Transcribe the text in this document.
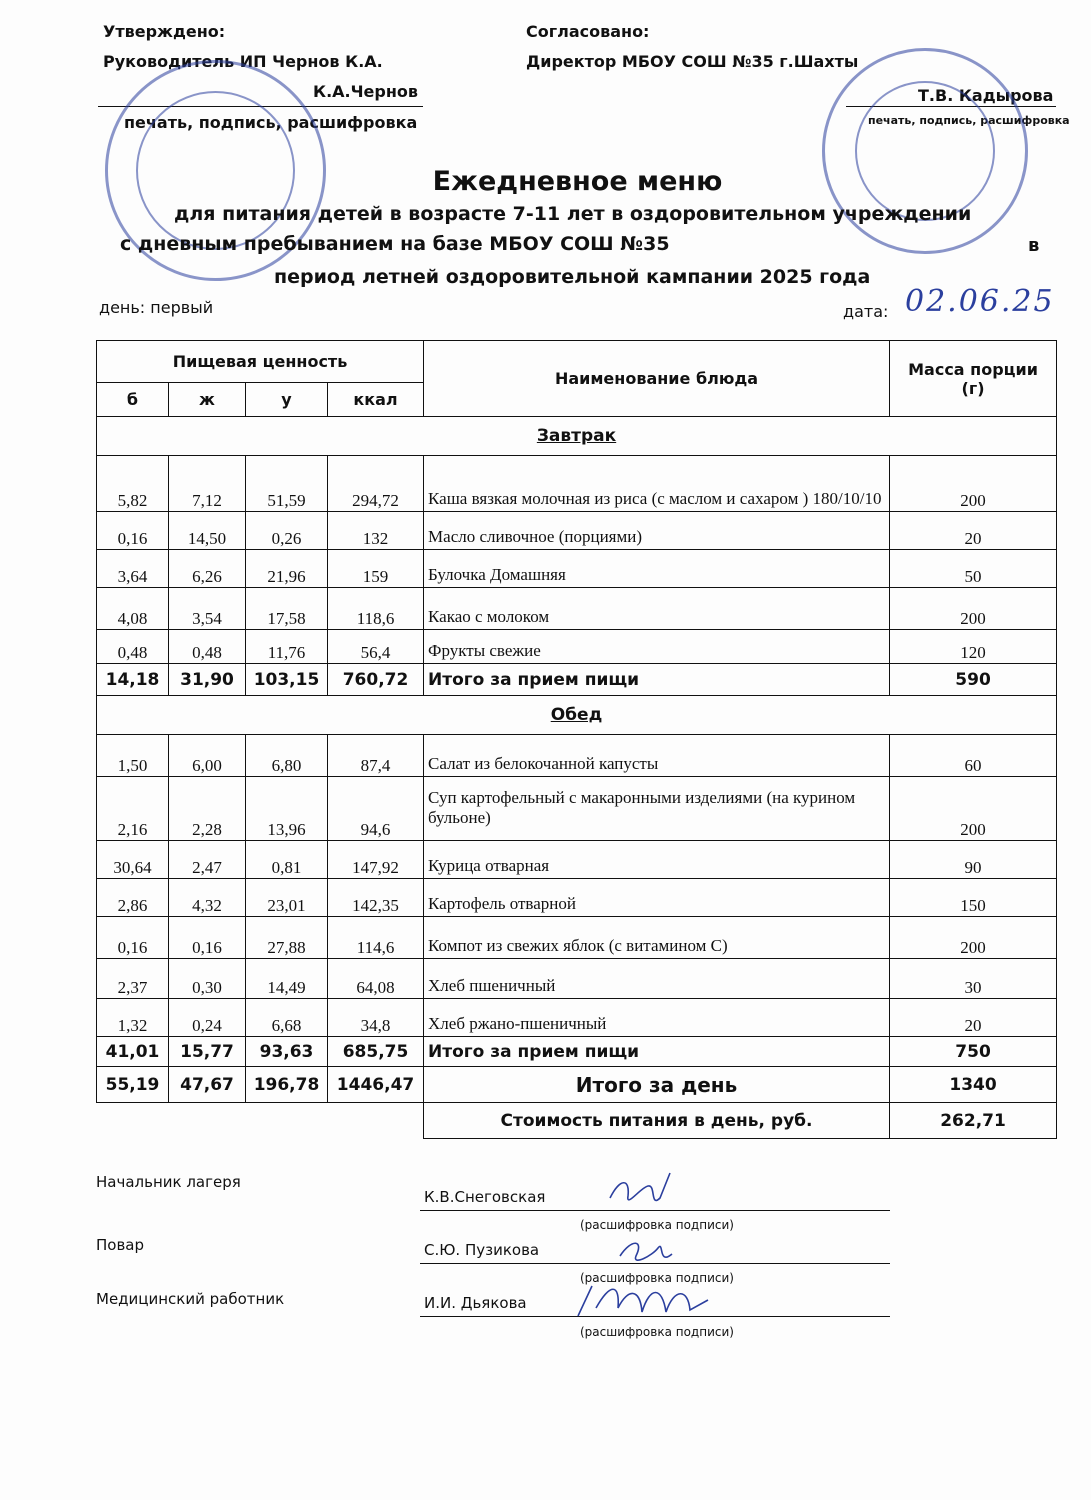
Утверждено:
Руководитель ИП Чернов К.А.
К.А.Чернов
печать, подпись, расшифровка
Согласовано:
Директор МБОУ СОШ №35 г.Шахты
Т.В. Кадырова
печать, подпись, расшифровка
Ежедневное меню
для питания детей в возрасте 7-11 лет в оздоровительном учреждении
с дневным пребыванием на базе МБОУ СОШ №35	в
период летней оздоровительной кампании 2025 года
день: первый	дата: 02.06.25
Пищевая ценность				Наименование блюда	Масса порции (г)
б	ж	у	ккал		
Завтрак					
5,82	7,12	51,59	294,72	Каша вязкая молочная из риса (с маслом и сахаром ) 180/10/10	200
0,16	14,50	0,26	132	Масло сливочное (порциями)	20
3,64	6,26	21,96	159	Булочка Домашняя	50
4,08	3,54	17,58	118,6	Какао с молоком	200
0,48	0,48	11,76	56,4	Фрукты свежие	120
14,18	31,90	103,15	760,72	Итого за прием пищи	590
Обед					
1,50	6,00	6,80	87,4	Салат из белокочанной капусты	60
2,16	2,28	13,96	94,6	Суп картофельный с макаронными изделиями (на курином бульоне)	200
30,64	2,47	0,81	147,92	Курица отварная	90
2,86	4,32	23,01	142,35	Картофель отварной	150
0,16	0,16	27,88	114,6	Компот из свежих яблок (с витамином С)	200
2,37	0,30	14,49	64,08	Хлеб пшеничный	30
1,32	0,24	6,68	34,8	Хлеб ржано-пшеничный	20
41,01	15,77	93,63	685,75	Итого за прием пищи	750
55,19	47,67	196,78	1446,47	Итого за день	1340
				Стоимость питания в день, руб.	262,71
Начальник лагеря
К.В.Снеговская
(расшифровка подписи)
Повар	С.Ю. Пузикова
(расшифровка подписи)
Медицинский работник	И.И. Дьякова
(расшифровка подписи)
